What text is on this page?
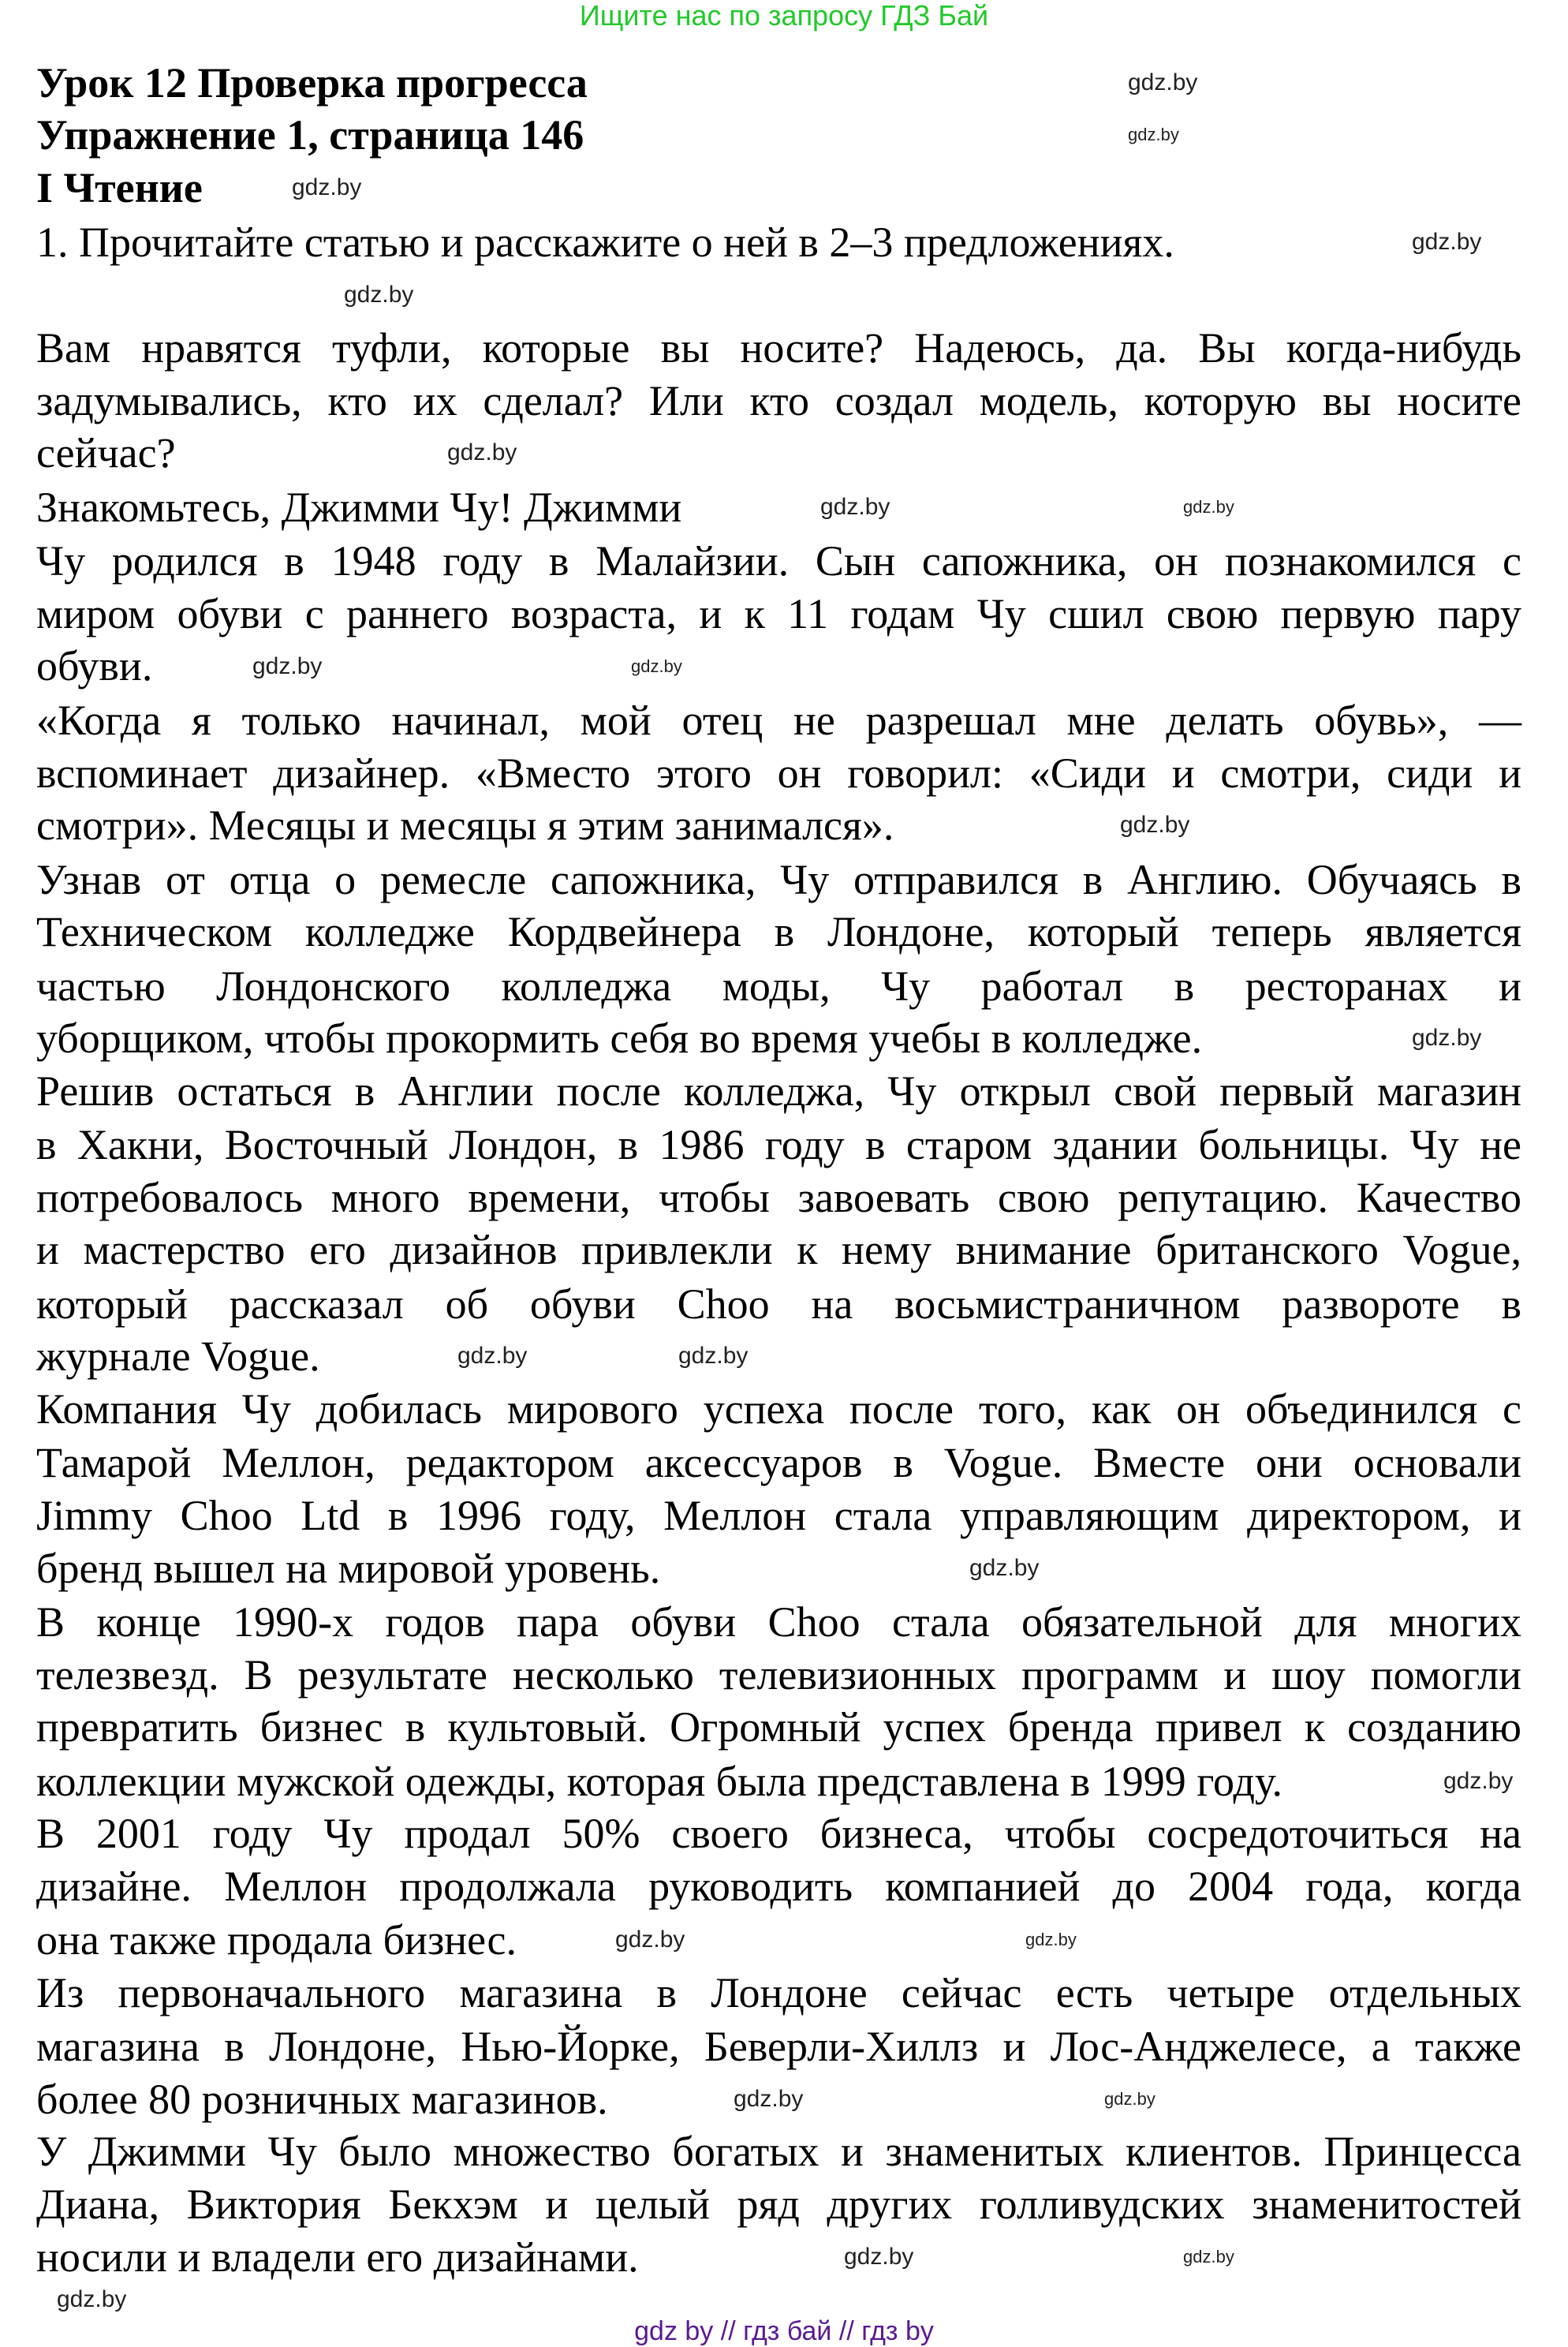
Ищите нас по запросу ГДЗ Бай
Урок 12 Проверка прогресса
Упражнение 1, страница 146
I Чтение
1. Прочитайте статью и расскажите о ней в 2–3 предложениях.
Вам нравятся туфли, которые вы носите? Надеюсь, да. Вы когда-нибудь
задумывались, кто их сделал? Или кто создал модель, которую вы носите
сейчас?
Знакомьтесь, Джимми Чу! Джимми
Чу родился в 1948 году в Малайзии. Сын сапожника, он познакомился с
миром обуви с раннего возраста, и к 11 годам Чу сшил свою первую пару
обуви.
«Когда я только начинал, мой отец не разрешал мне делать обувь», —
вспоминает дизайнер. «Вместо этого он говорил: «Сиди и смотри, сиди и
смотри». Месяцы и месяцы я этим занимался».
Узнав от отца о ремесле сапожника, Чу отправился в Англию. Обучаясь в
Техническом колледже Кордвейнера в Лондоне, который теперь является
частью Лондонского колледжа моды, Чу работал в ресторанах и
уборщиком, чтобы прокормить себя во время учебы в колледже.
Решив остаться в Англии после колледжа, Чу открыл свой первый магазин
в Хакни, Восточный Лондон, в 1986 году в старом здании больницы. Чу не
потребовалось много времени, чтобы завоевать свою репутацию. Качество
и мастерство его дизайнов привлекли к нему внимание британского Vogue,
который рассказал об обуви Choo на восьмистраничном развороте в
журнале Vogue.
Компания Чу добилась мирового успеха после того, как он объединился с
Тамарой Меллон, редактором аксессуаров в Vogue. Вместе они основали
Jimmy Choo Ltd в 1996 году, Меллон стала управляющим директором, и
бренд вышел на мировой уровень.
В конце 1990-х годов пара обуви Choo стала обязательной для многих
телезвезд. В результате несколько телевизионных программ и шоу помогли
превратить бизнес в культовый. Огромный успех бренда привел к созданию
коллекции мужской одежды, которая была представлена в 1999 году.
В 2001 году Чу продал 50% своего бизнеса, чтобы сосредоточиться на
дизайне. Меллон продолжала руководить компанией до 2004 года, когда
она также продала бизнес.
Из первоначального магазина в Лондоне сейчас есть четыре отдельных
магазина в Лондоне, Нью-Йорке, Беверли-Хиллз и Лос-Анджелесе, а также
более 80 розничных магазинов.
У Джимми Чу было множество богатых и знаменитых клиентов. Принцесса
Диана, Виктория Бекхэм и целый ряд других голливудских знаменитостей
носили и владели его дизайнами.
gdz.by
gdz.by
gdz.by
gdz.by
gdz.by
gdz.by
gdz.by	gdz.by
gdz.by	gdz.by
gdz.by
gdz.by
gdz.by	gdz.by
gdz.by
gdz.by
gdz.by	gdz.by
gdz.by	gdz.by
gdz.by	gdz.by
gdz.by
gdz by // гдз бай // гдз by
